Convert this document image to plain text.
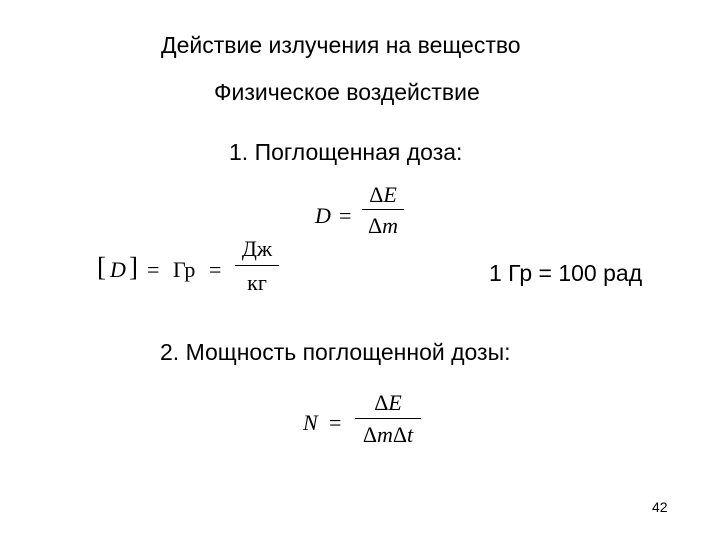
Действие излучения на вещество
Физическое воздействие
1. Поглощенная доза:
D =
ΔE
Δm
[ D ] = Гр =
Дж
кг	1 Гр = 100 рад
2. Мощность поглощенной дозы:
N =
ΔE
ΔmΔt
42
